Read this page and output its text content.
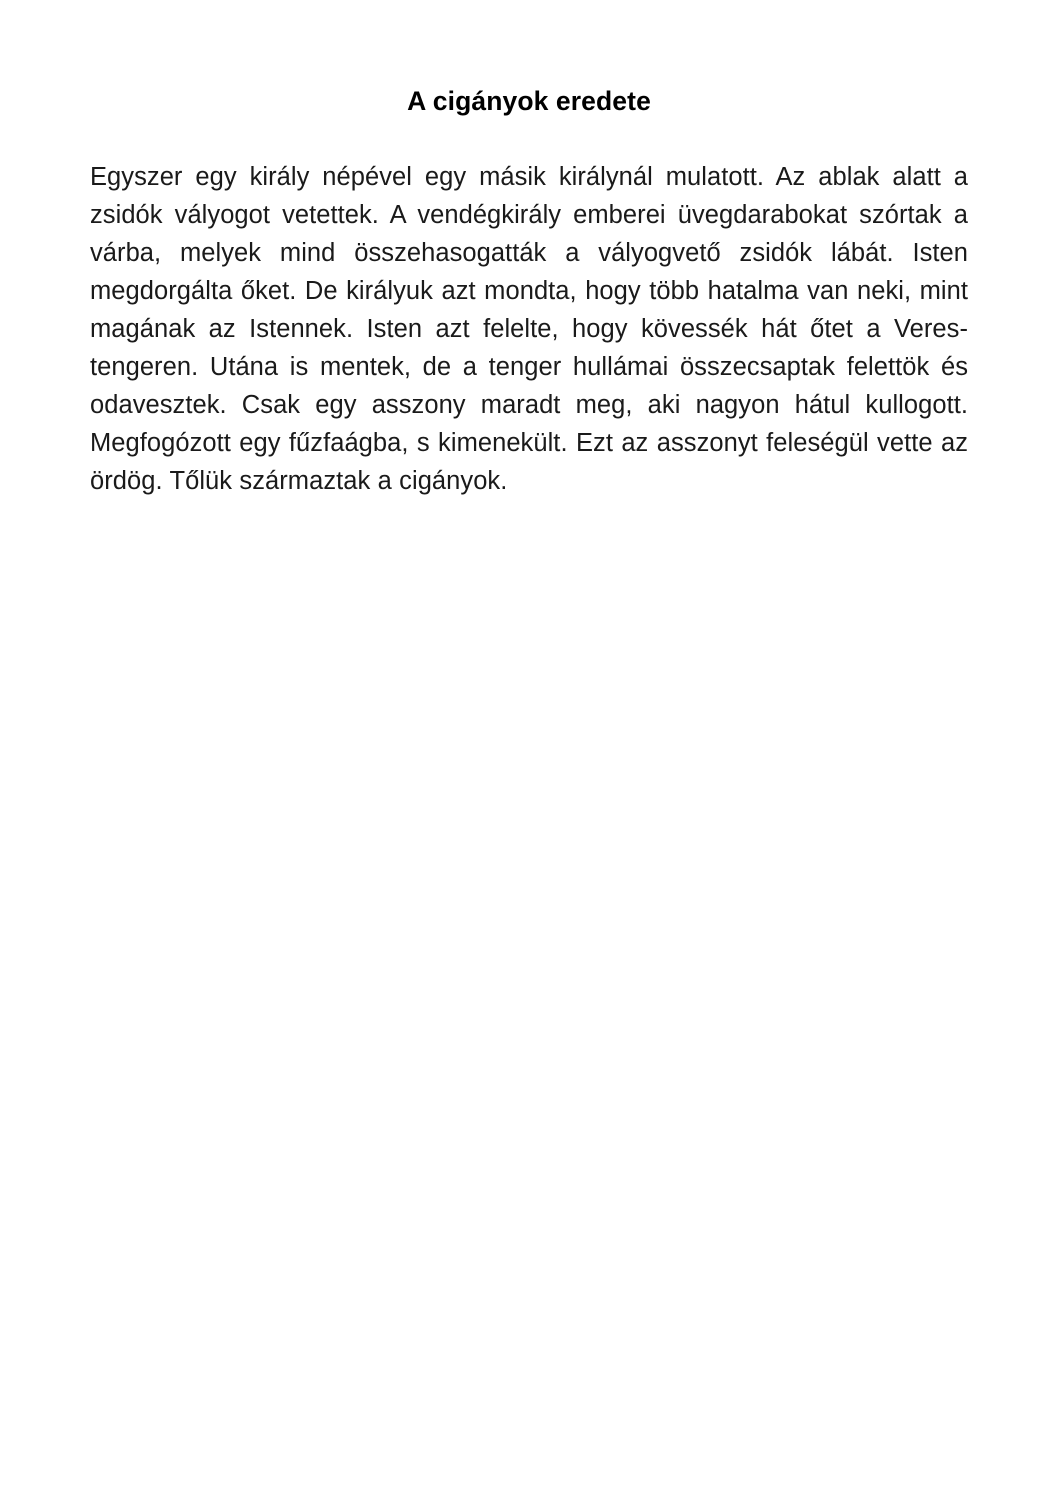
A cigányok eredete

Egyszer egy király népével egy másik királynál mulatott. Az ablak alatt a zsidók vályogot vetettek. A vendégkirály emberei üvegdarabokat szórtak a várba, melyek mind összehasogatták a vályogvető zsidók lábát. Isten megdorgálta őket. De királyuk azt mondta, hogy több hatalma van neki, mint magának az Istennek. Isten azt felelte, hogy kövessék hát őtet a Veres-tengeren. Utána is mentek, de a tenger hullámai összecsaptak felettök és odavesztek. Csak egy asszony maradt meg, aki nagyon hátul kullogott. Megfogózott egy fűzfaágba, s kimenekült. Ezt az asszonyt feleségül vette az ördög. Tőlük származtak a cigányok.
